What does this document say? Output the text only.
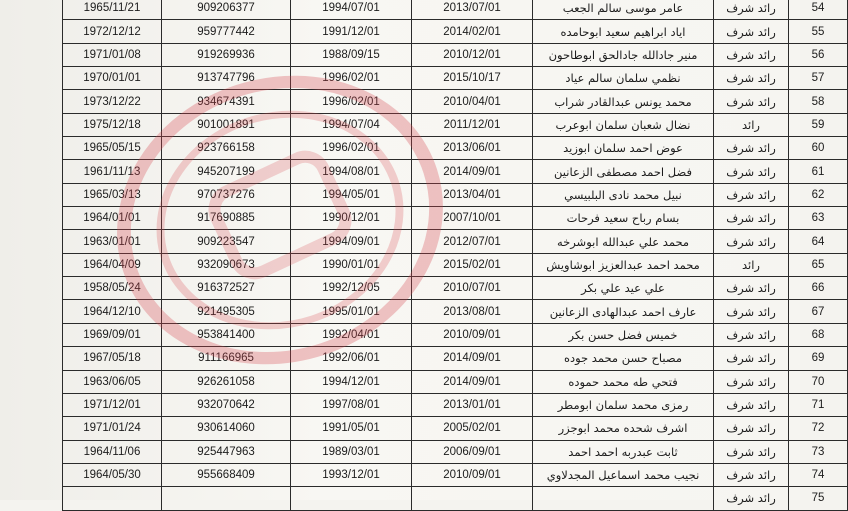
1965/11/21	909206377	1994/07/01	2013/07/01	عامر موسى سالم الجعب	رائد شرف	54
1972/12/12	959777442	1991/12/01	2014/02/01	اياد ابراهيم سعيد ابوحامده	رائد شرف	55
1971/01/08	919269936	1988/09/15	2010/12/01	منير جادالله جادالحق ابوطاحون	رائد شرف	56
1970/01/01	913747796	1996/02/01	2015/10/17	نظمي سلمان سالم عياد	رائد شرف	57
1973/12/22	934674391	1996/02/01	2010/04/01	محمد يونس عبدالقادر شراب	رائد شرف	58
1975/12/18	901001891	1994/07/04	2011/12/01	نضال شعبان سلمان ابوعرب	رائد	59
1965/05/15	923766158	1996/02/01	2013/06/01	عوض احمد سلمان ابوزيد	رائد شرف	60
1961/11/13	945207199	1994/08/01	2014/09/01	فضل احمد مصطفى الزعانين	رائد شرف	61
1965/03/13	970737276	1994/05/01	2013/04/01	نبيل محمد نادى البلبيسي	رائد شرف	62
1964/01/01	917690885	1990/12/01	2007/10/01	بسام رباح سعيد فرحات	رائد شرف	63
1963/01/01	909223547	1994/09/01	2012/07/01	محمد علي عبدالله ابوشرخه	رائد شرف	64
1964/04/09	932090673	1990/01/01	2015/02/01	محمد احمد عبدالعزيز ابوشاويش	رائد	65
1958/05/24	916372527	1992/12/05	2010/07/01	علي عيد علي بكر	رائد شرف	66
1964/12/10	921495305	1995/01/01	2013/08/01	عارف احمد عبدالهادى الزعانين	رائد شرف	67
1969/09/01	953841400	1992/04/01	2010/09/01	خميس فضل حسن بكر	رائد شرف	68
1967/05/18	911166965	1992/06/01	2014/09/01	مصباح حسن محمد جوده	رائد شرف	69
1963/06/05	926261058	1994/12/01	2014/09/01	فتحي طه محمد حموده	رائد شرف	70
1971/12/01	932070642	1997/08/01	2013/01/01	رمزى محمد سلمان ابومطر	رائد شرف	71
1971/01/24	930614060	1991/05/01	2005/02/01	اشرف شحده محمد ابوجزر	رائد شرف	72
1964/11/06	925447963	1989/03/01	2006/09/01	ثابت عبدربه احمد احمد	رائد شرف	73
1964/05/30	955668409	1993/12/01	2010/09/01	نجيب محمد اسماعيل المجدلاوي	رائد شرف	74
					رائد شرف	75
